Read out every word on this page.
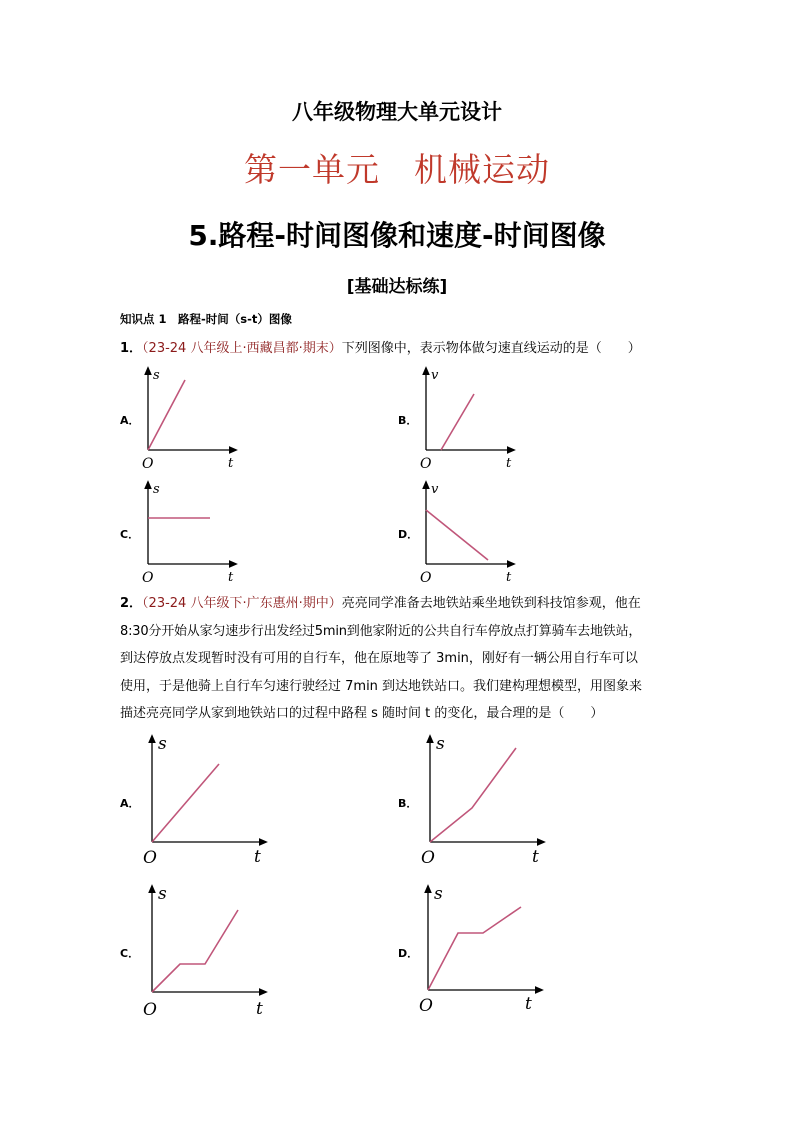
八年级物理大单元设计
第一单元 机械运动
5.路程-时间图像和速度-时间图像
[基础达标练]
知识点 1　路程-时间（s-t）图像
1．（23-24 八年级上·西藏昌都·期末）下列图像中，表示物体做匀速直线运动的是（　　）
A．
s
t
O
B．
v
t
O
C．
s
t
O
D．
v
t
O
2．（23-24 八年级下·广东惠州·期中）亮亮同学准备去地铁站乘坐地铁到科技馆参观，他在
8:30分开始从家匀速步行出发经过5min到他家附近的公共自行车停放点打算骑车去地铁站，
到达停放点发现暂时没有可用的自行车，他在原地等了 3min，刚好有一辆公用自行车可以
使用，于是他骑上自行车匀速行驶经过 7min 到达地铁站口。我们建构理想模型，用图象来
描述亮亮同学从家到地铁站口的过程中路程 s 随时间 t 的变化，最合理的是（　　）
A．
s
t
O
B．
s
t
O
C．
s
t
O
D．
s
t
O
